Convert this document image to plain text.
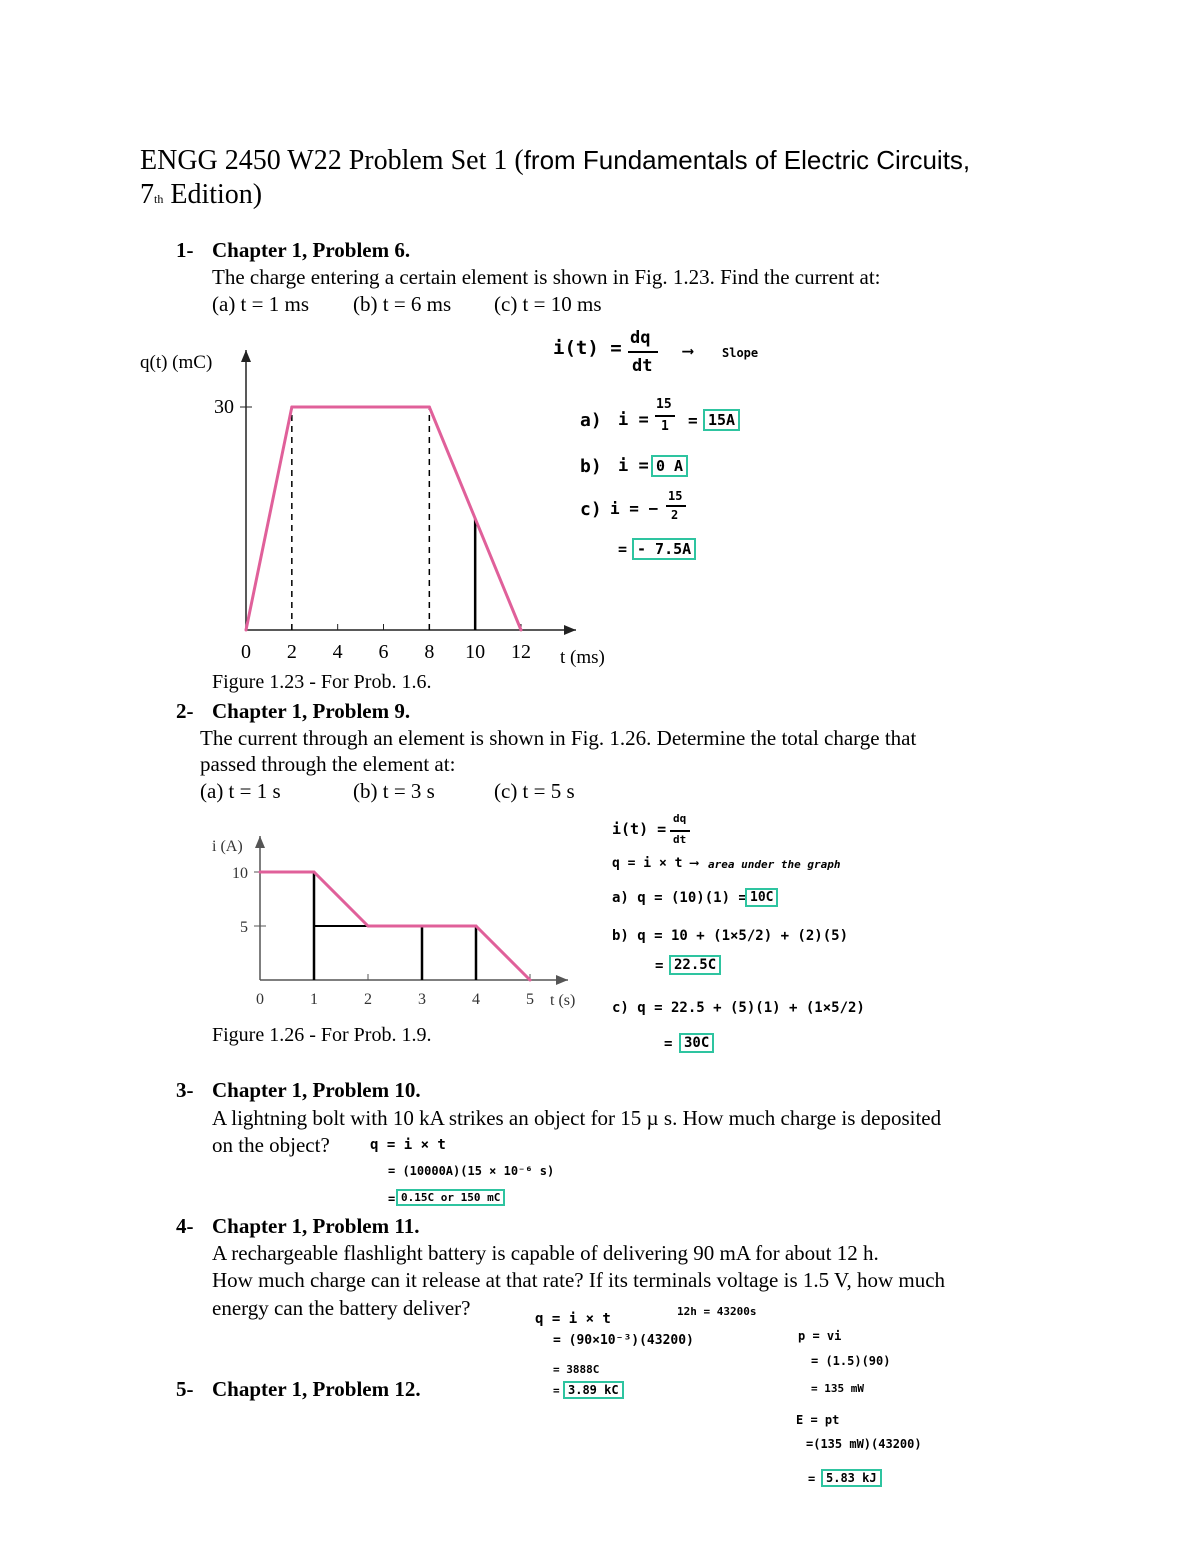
ENGG 2450 W22 Problem Set 1 (from Fundamentals of Electric Circuits,
7th Edition)
1- Chapter 1, Problem 6.
The charge entering a certain element is shown in Fig. 1.23. Find the current at:
(a) t = 1 ms (b) t = 6 ms (c) t = 10 ms
q(t) (mC)
t (ms)
0 2 4 6 8 10 12
30
Figure 1.23 - For Prob. 1.6.
i(t) = dq
dt
⟶ Slope
a) i =
15
1 = 15A
b) i = 0 A
c) i = −
15
2
= - 7.5A
2- Chapter 1, Problem 9.
The current through an element is shown in Fig. 1.26. Determine the total charge that
passed through the element at:
(a) t = 1 s	(b) t = 3 s	(c) t = 5 s
i (A)
t (s)
0	1	2	3	4	5
10
5
Figure 1.26 - For Prob. 1.9.
i(t) =
dq
dt
q = i × t ⟶ area under the graph
a) q = (10)(1) = 10C
b) q = 10 + (1×5/2) + (2)(5)
= 22.5C
c) q = 22.5 + (5)(1) + (1×5/2)
= 30C
3- Chapter 1, Problem 10.
A lightning bolt with 10 kA strikes an object for 15 µ s. How much charge is deposited
on the object?	q = i × t
= (10000A)(15 × 10⁻⁶ s)
= 0.15C or 150 mC
4- Chapter 1, Problem 11.
A rechargeable flashlight battery is capable of delivering 90 mA for about 12 h.
How much charge can it release at that rate? If its terminals voltage is 1.5 V, how much
energy can the battery deliver?	q = i × t	12h = 43200s
= (90×10⁻³)(43200)
= 3888C
= 3.89 kC
p = vi
= (1.5)(90)
= 135 mW
E = pt
=(135 mW)(43200)
= 5.83 kJ
5- Chapter 1, Problem 12.
